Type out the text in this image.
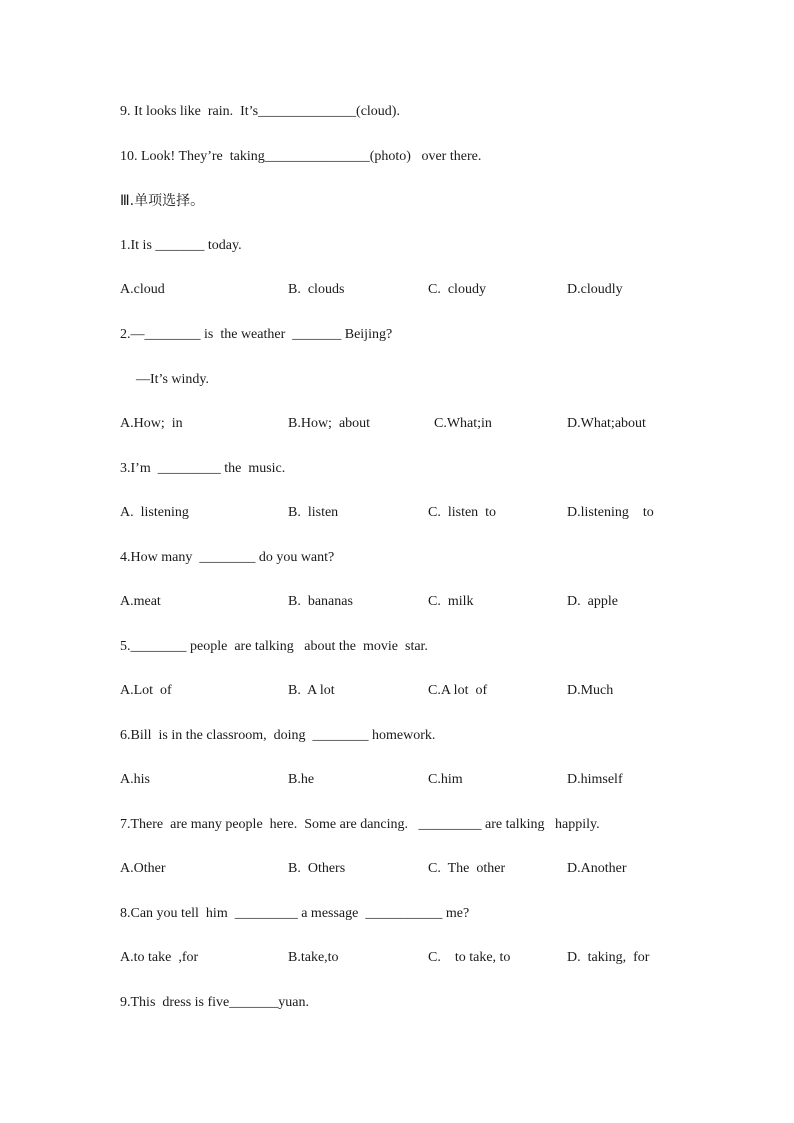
9. It looks like  rain.  It’s______________(cloud).
10. Look! They’re  taking_______________(photo)   over there.
Ⅲ.单项选择。
1.It is _______ today.
A.cloud	B.  clouds	C.  cloudy	D.cloudly
2.—________ is  the weather  _______ Beijing?
—It’s windy.
A.How;  in	B.How;  about	C.What;in	D.What;about
3.I’m  _________ the  music.
A.  listening	B.  listen	C.  listen  to	D.listening    to
4.How many  ________ do you want?
A.meat	B.  bananas	C.  milk	D.  apple
5.________ people  are talking   about the  movie  star.
A.Lot  of	B.  A lot	C.A lot  of	D.Much
6.Bill  is in the classroom,  doing  ________ homework.
A.his	B.he	C.him	D.himself
7.There  are many people  here.  Some are dancing.   _________ are talking   happily.
A.Other	B.  Others	C.  The  other	D.Another
8.Can you tell  him  _________ a message  ___________ me?
A.to take  ,for	B.take,to	C.    to take, to	D.  taking,  for
9.This  dress is five_______yuan.
